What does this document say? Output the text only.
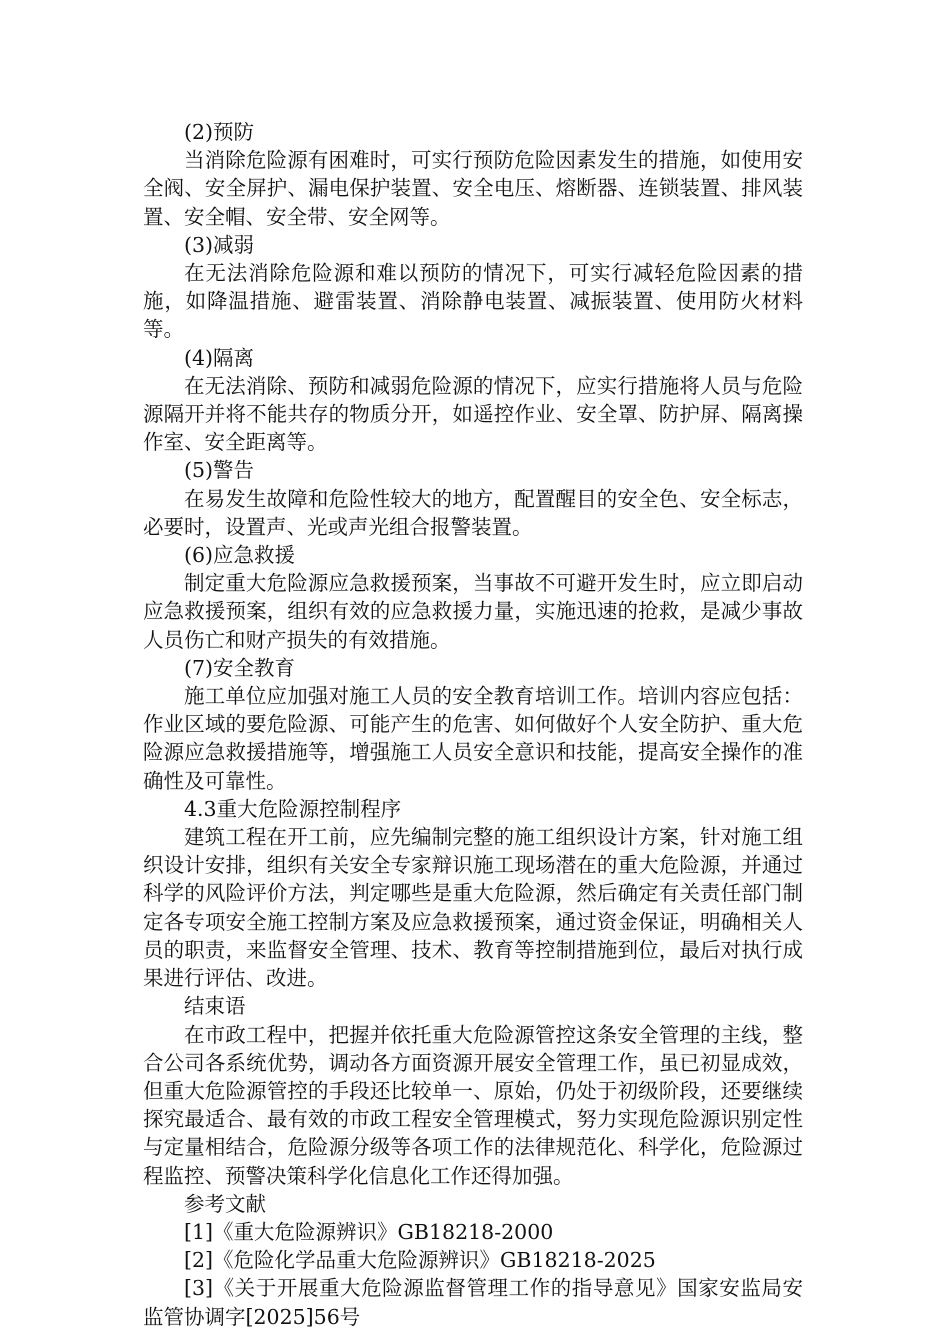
(2)预防

当消除危险源有困难时，可实行预防危险因素发生的措施，如使用安全阀、安全屏护、漏电保护装置、安全电压、熔断器、连锁装置、排风装置、安全帽、安全带、安全网等。

(3)减弱

在无法消除危险源和难以预防的情况下，可实行减轻危险因素的措施，如降温措施、避雷装置、消除静电装置、减振装置、使用防火材料等。

(4)隔离

在无法消除、预防和减弱危险源的情况下，应实行措施将人员与危险源隔开并将不能共存的物质分开，如遥控作业、安全罩、防护屏、隔离操作室、安全距离等。

(5)警告

在易发生故障和危险性较大的地方，配置醒目的安全色、安全标志，必要时，设置声、光或声光组合报警装置。

(6)应急救援

制定重大危险源应急救援预案，当事故不可避开发生时，应立即启动应急救援预案，组织有效的应急救援力量，实施迅速的抢救，是减少事故人员伤亡和财产损失的有效措施。

(7)安全教育

施工单位应加强对施工人员的安全教育培训工作。培训内容应包括：作业区域的要危险源、可能产生的危害、如何做好个人安全防护、重大危险源应急救援措施等，增强施工人员安全意识和技能，提高安全操作的准确性及可靠性。

4.3重大危险源控制程序

建筑工程在开工前，应先编制完整的施工组织设计方案，针对施工组织设计安排，组织有关安全专家辩识施工现场潜在的重大危险源，并通过科学的风险评价方法，判定哪些是重大危险源，然后确定有关责任部门制定各专项安全施工控制方案及应急救援预案，通过资金保证，明确相关人员的职责，来监督安全管理、技术、教育等控制措施到位，最后对执行成果进行评估、改进。

结束语

在市政工程中，把握并依托重大危险源管控这条安全管理的主线，整合公司各系统优势，调动各方面资源开展安全管理工作，虽已初显成效，但重大危险源管控的手段还比较单一、原始，仍处于初级阶段，还要继续探究最适合、最有效的市政工程安全管理模式，努力实现危险源识别定性与定量相结合，危险源分级等各项工作的法律规范化、科学化，危险源过程监控、预警决策科学化信息化工作还得加强。

参考文献

[1]《重大危险源辨识》GB18218-2000

[2]《危险化学品重大危险源辨识》GB18218-2025

[3]《关于开展重大危险源监督管理工作的指导意见》国家安监局安监管协调字[2025]56号
